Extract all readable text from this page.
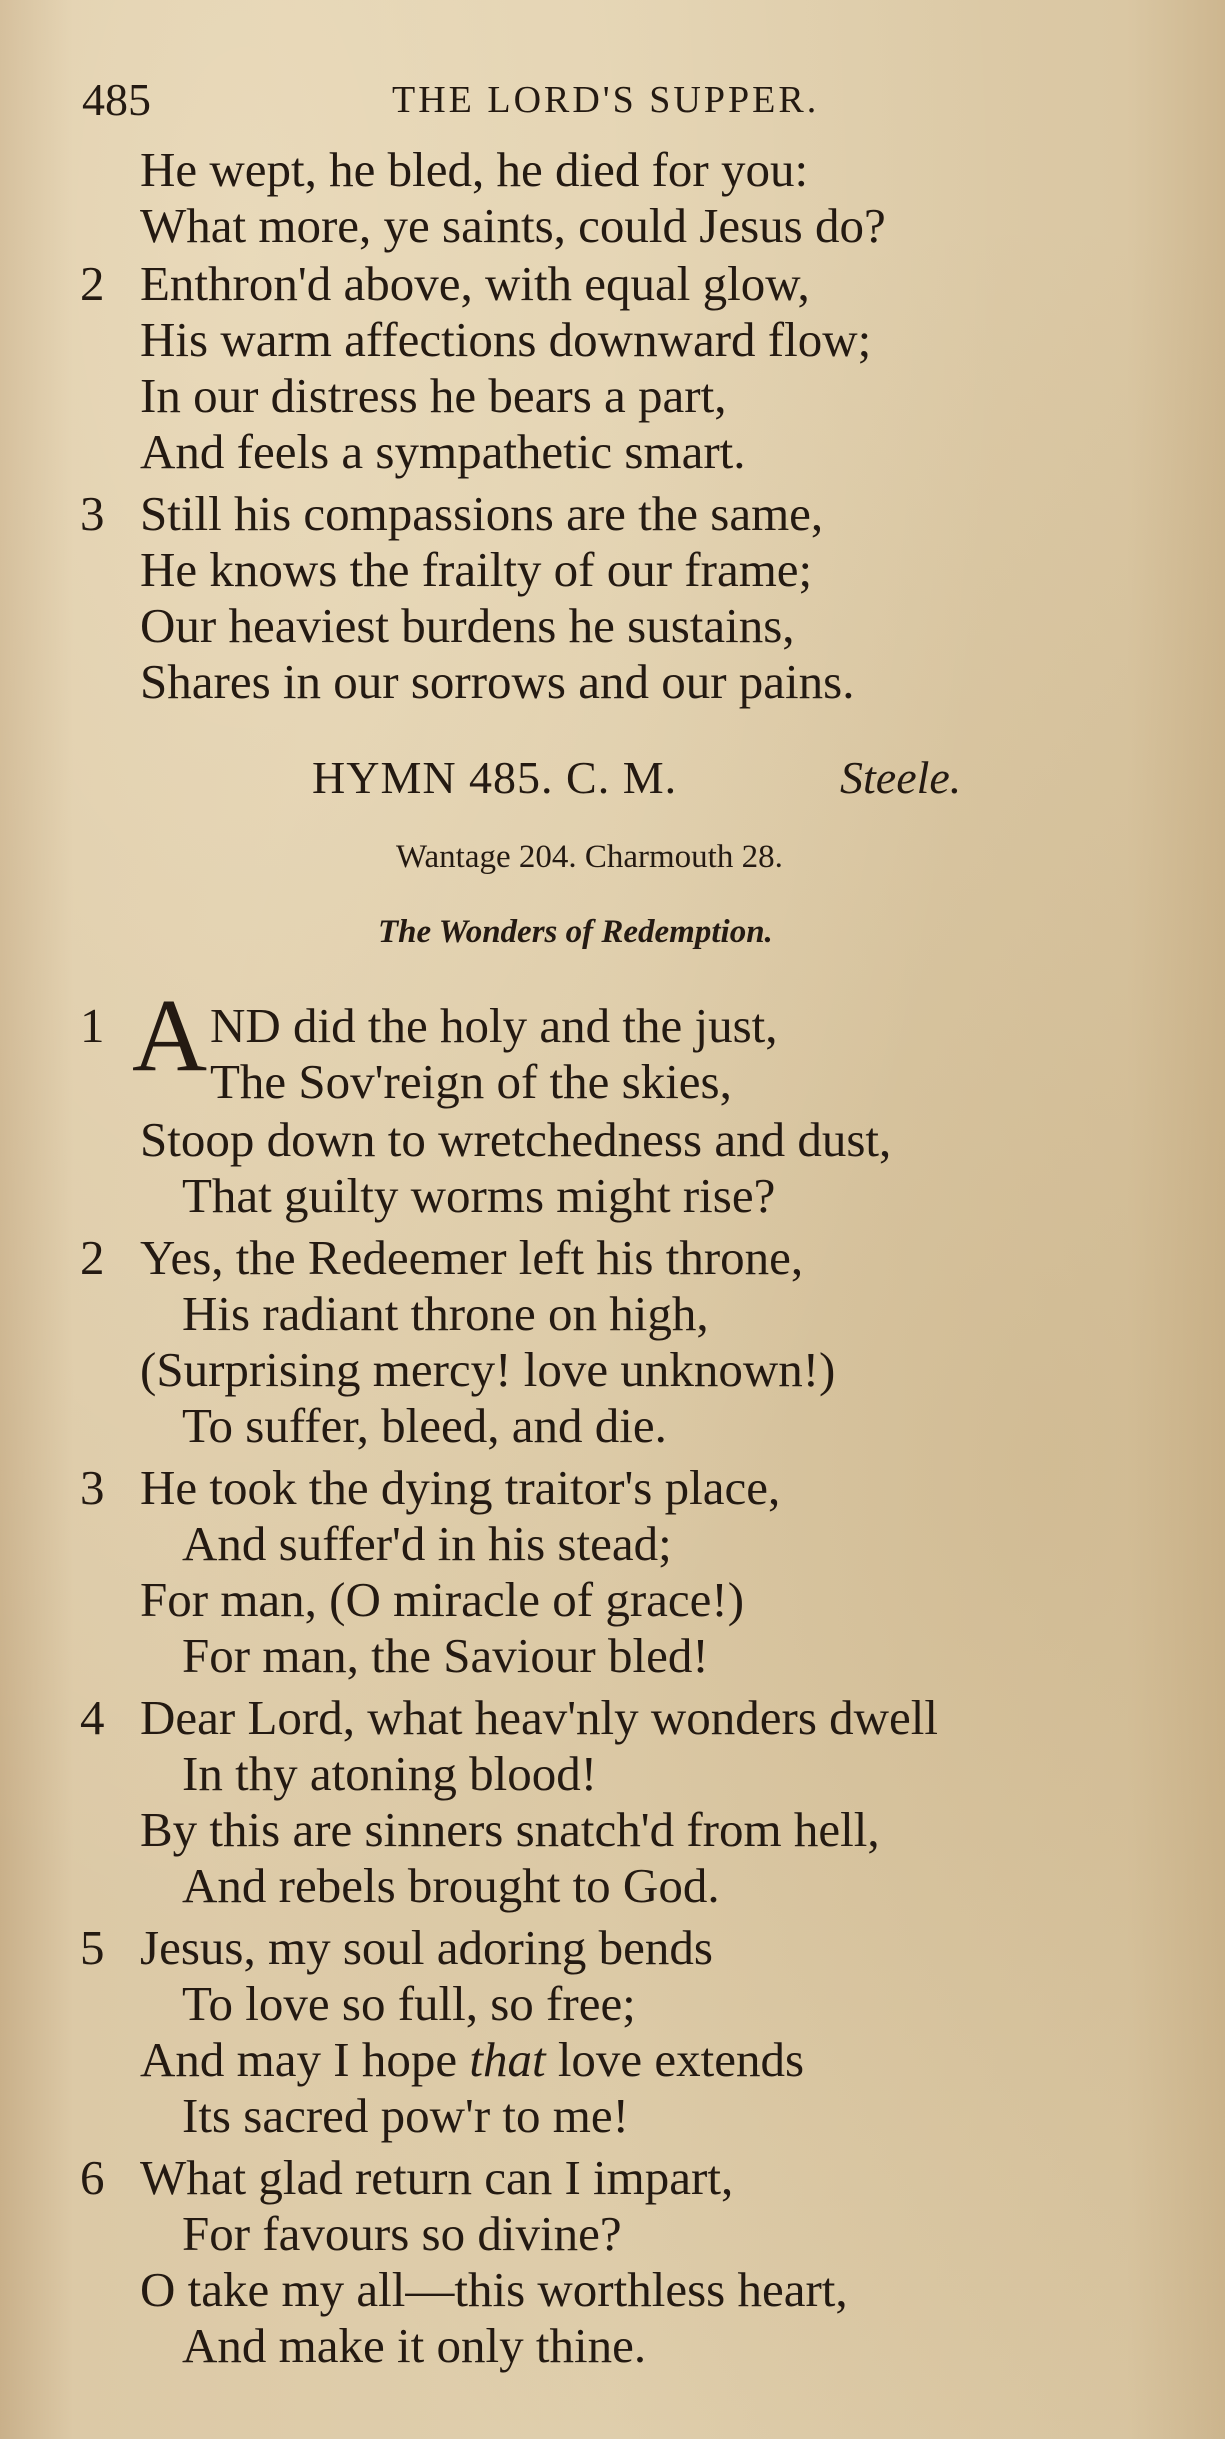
485	THE LORD'S SUPPER.
He wept, he bled, he died for you:
What more, ye saints, could Jesus do?
2 Enthron'd above, with equal glow,
His warm affections downward flow;
In our distress he bears a part,
And feels a sympathetic smart.
3 Still his compassions are the same,
He knows the frailty of our frame;
Our heaviest burdens he sustains,
Shares in our sorrows and our pains.
HYMN 485. C. M.	Steele.
Wantage 204. Charmouth 28.
The Wonders of Redemption.
1 A ND did the holy and the just,
The Sov'reign of the skies,
Stoop down to wretchedness and dust,
That guilty worms might rise?
2 Yes, the Redeemer left his throne,
His radiant throne on high,
(Surprising mercy! love unknown!)
To suffer, bleed, and die.
3 He took the dying traitor's place,
And suffer'd in his stead;
For man, (O miracle of grace!)
For man, the Saviour bled!
4 Dear Lord, what heav'nly wonders dwell
In thy atoning blood!
By this are sinners snatch'd from hell,
And rebels brought to God.
5 Jesus, my soul adoring bends
To love so full, so free;
And may I hope that love extends
Its sacred pow'r to me!
6 What glad return can I impart,
For favours so divine?
O take my all—this worthless heart,
And make it only thine.
